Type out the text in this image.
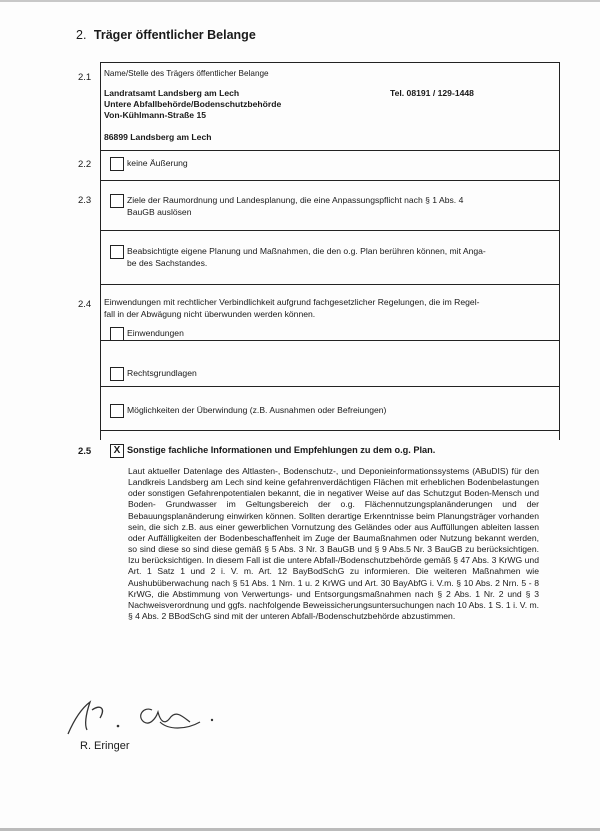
2. Träger öffentlicher Belange
2.1 Name/Stelle des Trägers öffentlicher Belange
Landratsamt Landsberg am Lech
Untere Abfallbehörde/Bodenschutzbehörde
Von-Kühlmann-Straße 15
86899 Landsberg am Lech
Tel. 08191 / 129-1448
2.2	keine Äußerung
2.3	Ziele der Raumordnung und Landesplanung, die eine Anpassungspflicht nach § 1 Abs. 4
BauGB auslösen
Beabsichtigte eigene Planung und Maßnahmen, die den o.g. Plan berühren können, mit Anga-
be des Sachstandes.
2.4 Einwendungen mit rechtlicher Verbindlichkeit aufgrund fachgesetzlicher Regelungen, die im Regel-
fall in der Abwägung nicht überwunden werden können.
Einwendungen
Rechtsgrundlagen
Möglichkeiten der Überwindung (z.B. Ausnahmen oder Befreiungen)
2.5	X Sonstige fachliche Informationen und Empfehlungen zu dem o.g. Plan.
Laut aktueller Datenlage des Altlasten-, Bodenschutz-, und Deponieinformationssystems (ABuDIS) für den Landkreis Landsberg am Lech sind keine gefahrenverdächtigen Flächen mit erheblichen Bodenbelastungen oder sonstigen Gefahrenpotentialen bekannt, die in negativer Weise auf das Schutzgut Boden-Mensch und Boden- Grundwasser im Geltungsbereich der o.g. Flächennutzungsplanänderungen und der Bebauungsplanänderung einwirken können. Sollten derartige Erkenntnisse beim Planungsträger vorhanden sein, die sich z.B. aus einer gewerblichen Vornutzung des Geländes oder aus Auffüllungen ableiten lassen oder Auffälligkeiten der Bodenbeschaffenheit im Zuge der Baumaßnahmen oder Nutzung bekannt werden, so sind diese so sind diese gemäß § 5 Abs. 3 Nr. 3 BauGB und § 9 Abs.5 Nr. 3 BauGB zu berücksichtigen. Izu berücksichtigen. In diesem Fall ist die untere Abfall-/Bodenschutzbehörde gemäß § 47 Abs. 3 KrWG und Art. 1 Satz 1 und 2 i. V. m. Art. 12 BayBodSchG zu informieren. Die weiteren Maßnahmen wie Aushubüberwachung nach § 51 Abs. 1 Nrn. 1 u. 2 KrWG und Art. 30 BayAbfG i. V.m. § 10 Abs. 2 Nrn. 5 - 8 KrWG, die Abstimmung von Verwertungs- und Entsorgungsmaßnahmen nach § 2 Abs. 1 Nr. 2 und § 3 Nachweisverordnung und ggfs. nachfolgende Beweissicherungsuntersuchungen nach 10 Abs. 1 S. 1 i. V. m. § 4 Abs. 2 BBodSchG sind mit der unteren Abfall-/Bodenschutzbehörde abzustimmen.
R. Eringer
